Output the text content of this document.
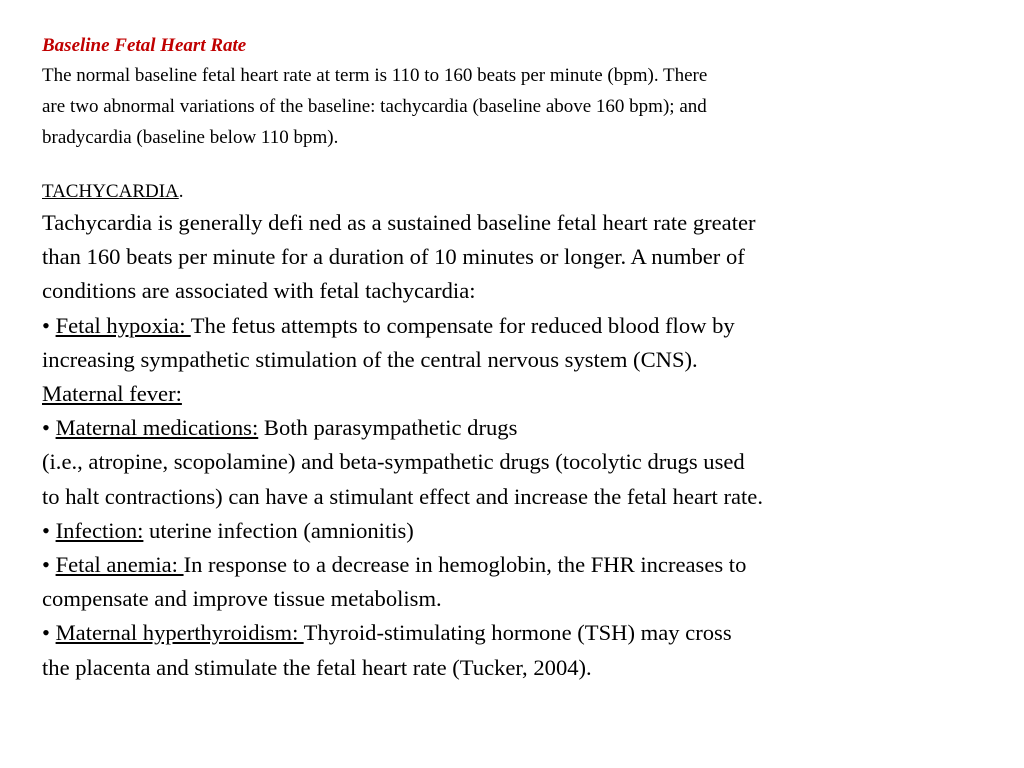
Baseline Fetal Heart Rate

The normal baseline fetal heart rate at term is 110 to 160 beats per minute (bpm). There
are two abnormal variations of the baseline: tachycardia (baseline above 160 bpm); and
bradycardia (baseline below 110 bpm).

TACHYCARDIA.

Tachycardia is generally defi ned as a sustained baseline fetal heart rate greater
than 160 beats per minute for a duration of 10 minutes or longer. A number of
conditions are associated with fetal tachycardia:
• Fetal hypoxia: The fetus attempts to compensate for reduced blood flow by
increasing sympathetic stimulation of the central nervous system (CNS).
Maternal fever:
• Maternal medications: Both parasympathetic drugs
(i.e., atropine, scopolamine) and beta-sympathetic drugs (tocolytic drugs used
to halt contractions) can have a stimulant effect and increase the fetal heart rate.
• Infection: uterine infection (amnionitis)
• Fetal anemia: In response to a decrease in hemoglobin, the FHR increases to
compensate and improve tissue metabolism.
• Maternal hyperthyroidism: Thyroid-stimulating hormone (TSH) may cross
the placenta and stimulate the fetal heart rate (Tucker, 2004).
